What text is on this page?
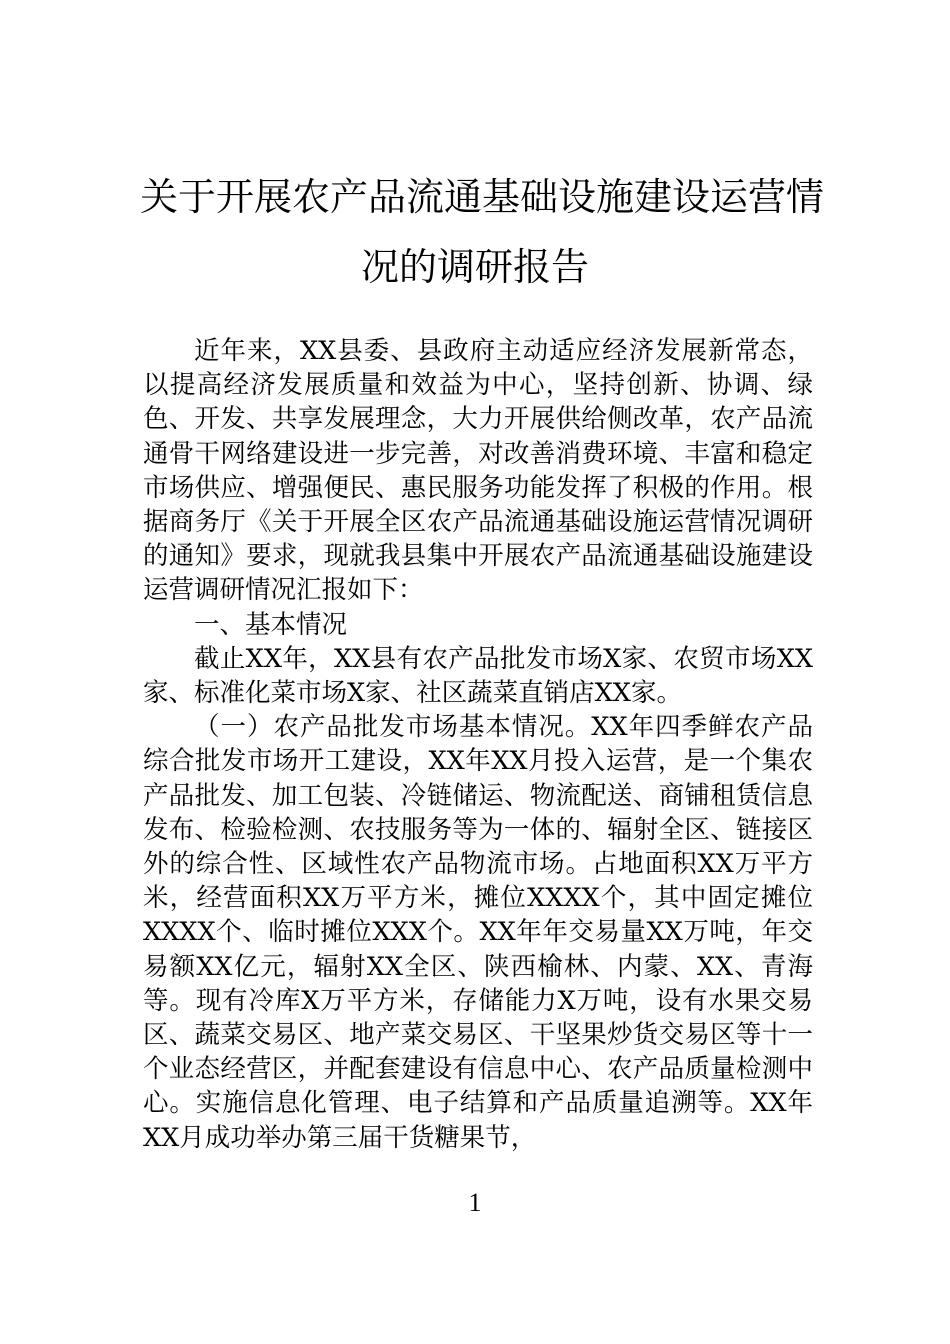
关于开展农产品流通基础设施建设运营情
况的调研报告

近年来，XX县委、县政府主动适应经济发展新常态，以提高经济发展质量和效益为中心，坚持创新、协调、绿色、开发、共享发展理念，大力开展供给侧改革，农产品流通骨干网络建设进一步完善，对改善消费环境、丰富和稳定市场供应、增强便民、惠民服务功能发挥了积极的作用。根据商务厅《关于开展全区农产品流通基础设施运营情况调研的通知》要求，现就我县集中开展农产品流通基础设施建设运营调研情况汇报如下：

一、基本情况

截止XX年，XX县有农产品批发市场X家、农贸市场XX家、标准化菜市场X家、社区蔬菜直销店XX家。

（一）农产品批发市场基本情况。XX年四季鲜农产品综合批发市场开工建设，XX年XX月投入运营，是一个集农产品批发、加工包装、冷链储运、物流配送、商铺租赁信息发布、检验检测、农技服务等为一体的、辐射全区、链接区外的综合性、区域性农产品物流市场。占地面积XX万平方米，经营面积XX万平方米，摊位XXXX个，其中固定摊位XXXX个、临时摊位XXX个。XX年年交易量XX万吨，年交易额XX亿元，辐射XX全区、陕西榆林、内蒙、XX、青海等。现有冷库X万平方米，存储能力X万吨，设有水果交易区、蔬菜交易区、地产菜交易区、干坚果炒货交易区等十一个业态经营区，并配套建设有信息中心、农产品质量检测中心。实施信息化管理、电子结算和产品质量追溯等。XX年XX月成功举办第三届干货糖果节，

1
